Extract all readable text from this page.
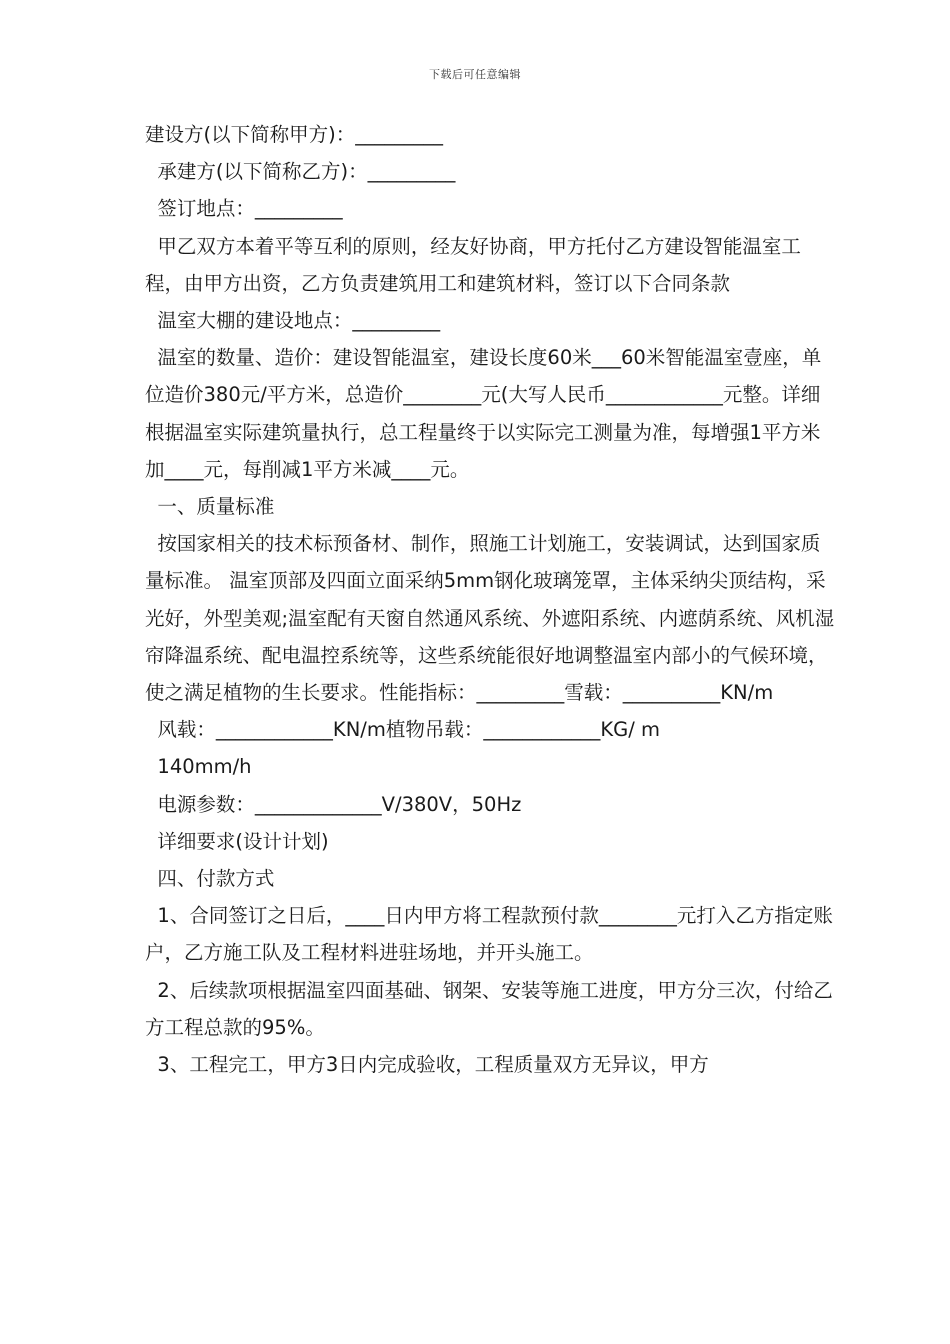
下载后可任意编辑

建设方(以下简称甲方)：_________

承建方(以下简称乙方)：_________

签订地点：_________

甲乙双方本着平等互利的原则，经友好协商，甲方托付乙方建设智能温室工程，由甲方出资，乙方负责建筑用工和建筑材料，签订以下合同条款

温室大棚的建设地点：_________

温室的数量、造价：建设智能温室，建设长度60米___60米智能温室壹座，单位造价380元/平方米，总造价________元(大写人民币____________元整。详细根据温室实际建筑量执行，总工程量终于以实际完工测量为准，每增强1平方米加____元，每削减1平方米减____元。

一、质量标准

按国家相关的技术标预备材、制作，照施工计划施工，安装调试，达到国家质量标准。 温室顶部及四面立面采纳5mm钢化玻璃笼罩，主体采纳尖顶结构，采光好，外型美观;温室配有天窗自然通风系统、外遮阳系统、内遮荫系统、风机湿帘降温系统、配电温控系统等，这些系统能很好地调整温室内部小的气候环境，使之满足植物的生长要求。性能指标：_________雪载：__________KN/m

风载：____________KN/m植物吊载：____________KG/ m

140mm/h

电源参数：_____________V/380V，50Hz

详细要求(设计计划)

四、付款方式

1、合同签订之日后，____日内甲方将工程款预付款________元打入乙方指定账户，乙方施工队及工程材料进驻场地，并开头施工。

2、后续款项根据温室四面基础、钢架、安装等施工进度，甲方分三次，付给乙方工程总款的95%。

3、工程完工，甲方3日内完成验收，工程质量双方无异议，甲方
